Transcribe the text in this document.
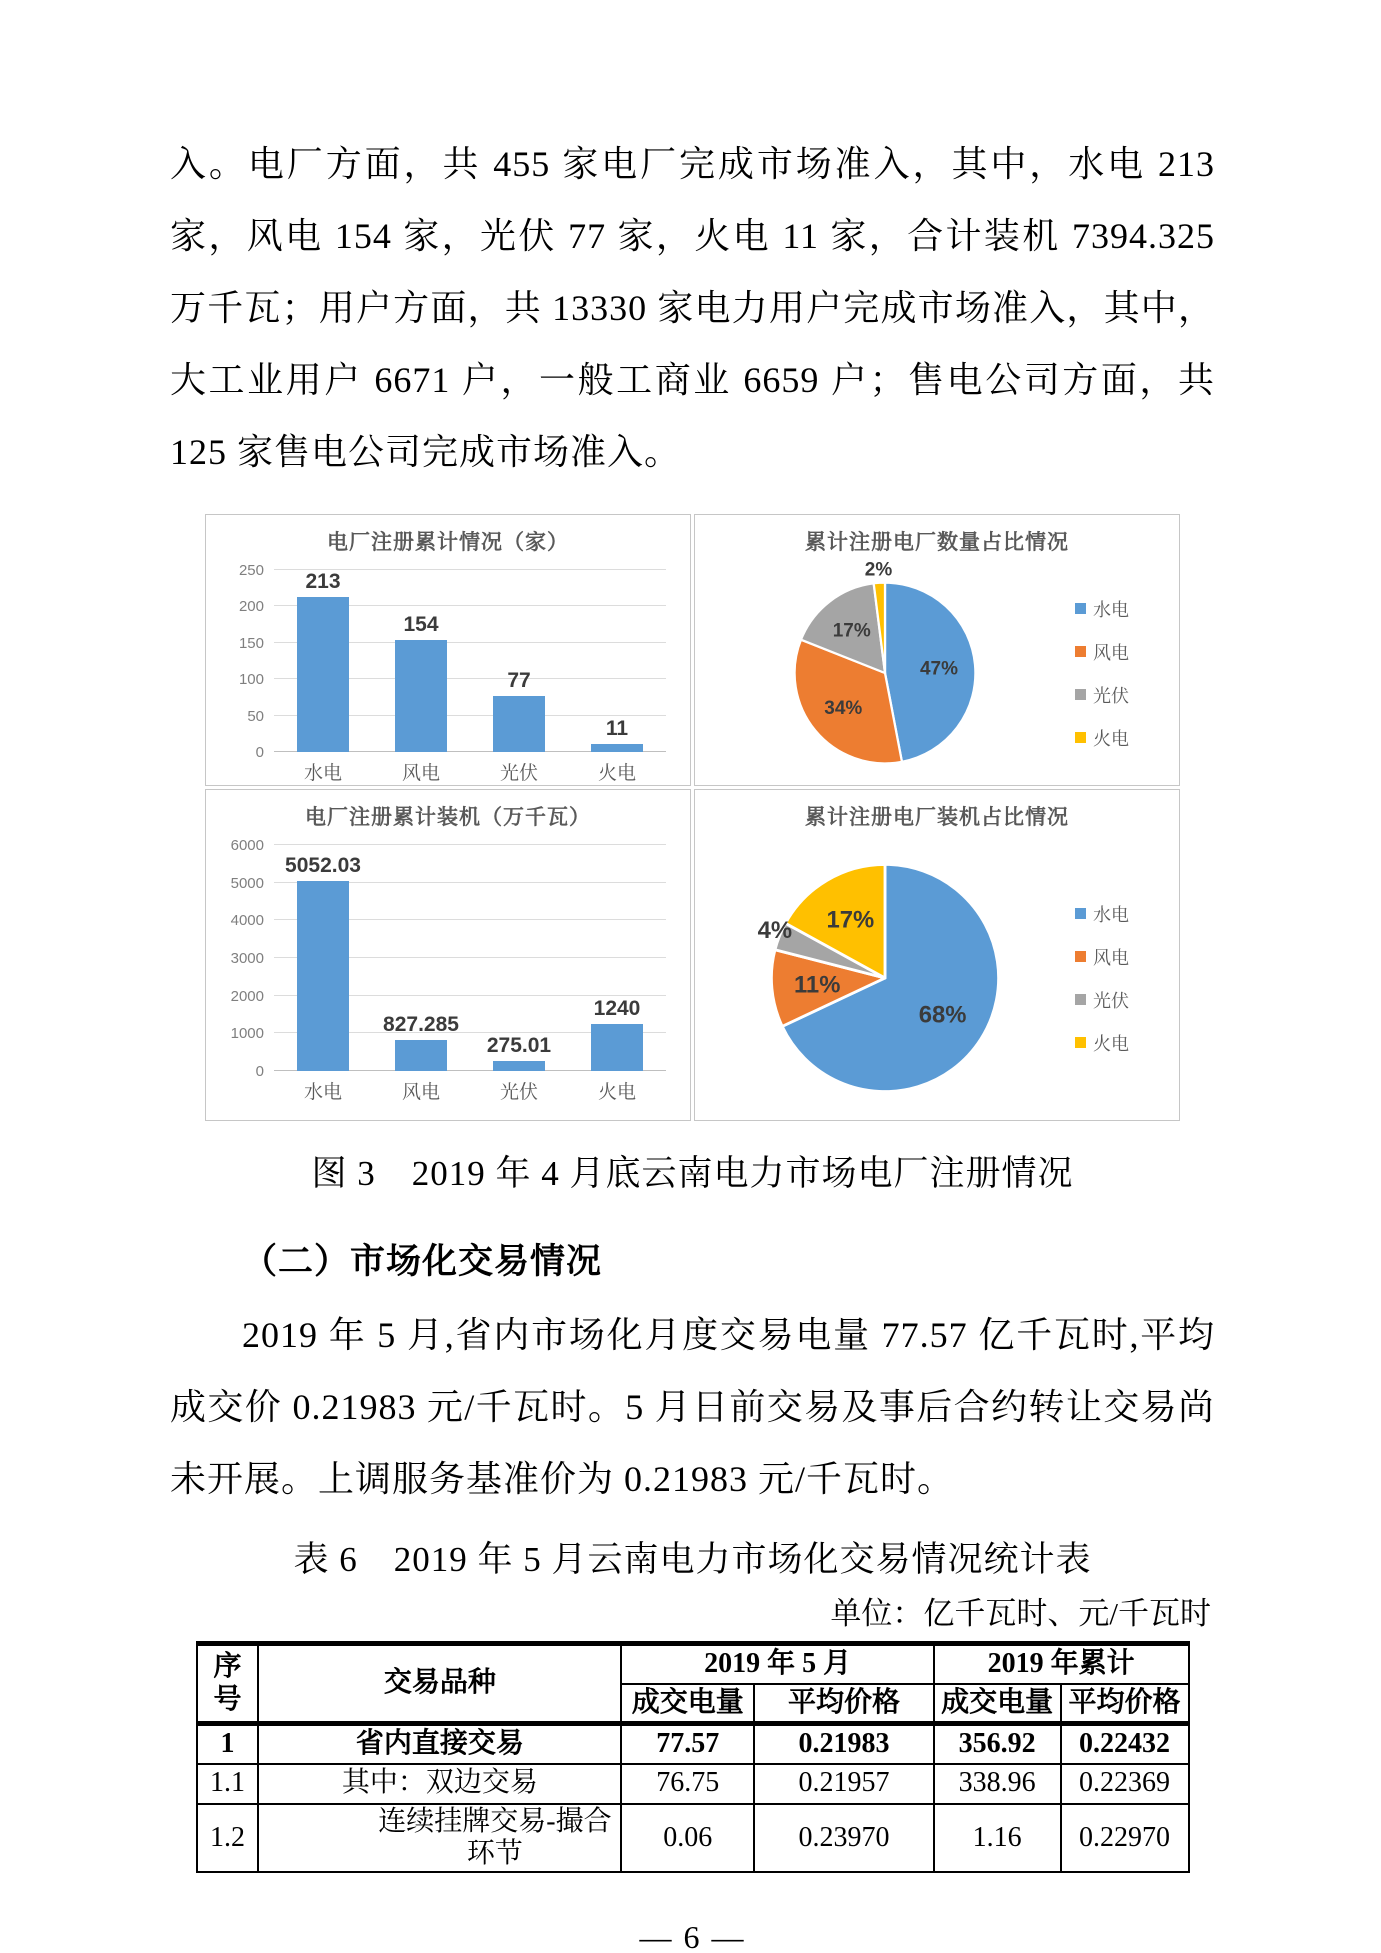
入。电厂方面，共 455 家电厂完成市场准入，其中，水电 213 家，风电 154 家，光伏 77 家，火电 11 家，合计装机 7394.325 万千瓦；用户方面，共 13330 家电力用户完成市场准入，其中，大工业用户 6671 户，一般工商业 6659 户；售电公司方面，共 125 家售电公司完成市场准入。

电厂注册累计情况（家）
0
50
100
150
200
250 213
154
77
11
水电	风电	光伏	火电
累计注册电厂数量占比情况
47%
34%
17%
2%
水电
风电
光伏
火电
电厂注册累计装机（万千瓦）
0
1000
2000
3000
4000
5000
6000
5052.03
827.285
275.01
1240
水电	风电	光伏	火电
累计注册电厂装机占比情况
68%
11%
4% 17%	水电
风电
光伏
火电

图 3　2019 年 4 月底云南电力市场电厂注册情况

（二）市场化交易情况

2019 年 5 月,省内市场化月度交易电量 77.57 亿千瓦时,平均成交价 0.21983 元/千瓦时。5 月日前交易及事后合约转让交易尚未开展。上调服务基准价为 0.21983 元/千瓦时。

表 6　2019 年 5 月云南电力市场化交易情况统计表

单位：亿千瓦时、元/千瓦时

序号	交易品种	2019 年 5 月		2019 年累计	
		成交电量	平均价格	成交电量	平均价格
1	省内直接交易	77.57	0.21983	356.92	0.22432
1.1	其中：双边交易	76.75	0.21957	338.96	0.22369
1.2	连续挂牌交易-撮合环节	0.06	0.23970	1.16	0.22970

— 6 —
